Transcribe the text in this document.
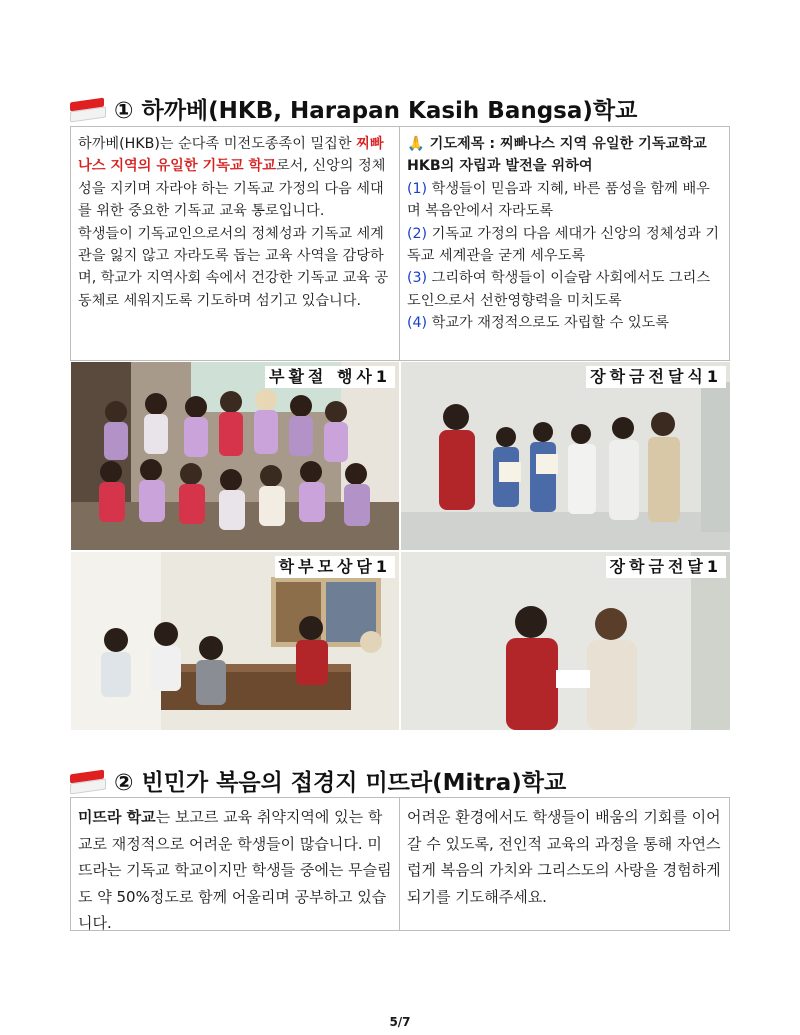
① 하까베(HKB, Harapan Kasih Bangsa)학교
하까베(HKB)는 순다족 미전도종족이 밀집한 찌빠나스 지역의 유일한 기독교 학교로서, 신앙의 정체성을 지키며 자라야 하는 기독교 가정의 다음 세대를 위한 중요한 기독교 교육 통로입니다.
학생들이 기독교인으로서의 정체성과 기독교 세계관을 잃지 않고 자라도록 돕는 교육 사역을 감당하며, 학교가 지역사회 속에서 건강한 기독교 교육 공동체로 세워지도록 기도하며 섬기고 있습니다.
🙏 기도제목 : 찌빠나스 지역 유일한 기독교학교 HKB의 자립과 발전을 위하여
(1) 학생들이 믿음과 지혜, 바른 품성을 함께 배우며 복음안에서 자라도록
(2) 기독교 가정의 다음 세대가 신앙의 정체성과 기독교 세계관을 굳게 세우도록
(3) 그리하여 학생들이 이슬람 사회에서도 그리스도인으로서 선한영향력을 미치도록
(4) 학교가 재정적으로도 자립할 수 있도록
부활절 행사1	장학금전달식1
학부모상담1	장학금전달1
② 빈민가 복음의 접경지 미뜨라(Mitra)학교
미뜨라 학교는 보고르 교육 취약지역에 있는 학교로 재정적으로 어려운 학생들이 많습니다. 미뜨라는 기독교 학교이지만 학생들 중에는 무슬림도 약 50%정도로 함께 어울리며 공부하고 있습니다.
어려운 환경에서도 학생들이 배움의 기회를 이어갈 수 있도록, 전인적 교육의 과정을 통해 자연스럽게 복음의 가치와 그리스도의 사랑을 경험하게 되기를 기도해주세요.
5/7
